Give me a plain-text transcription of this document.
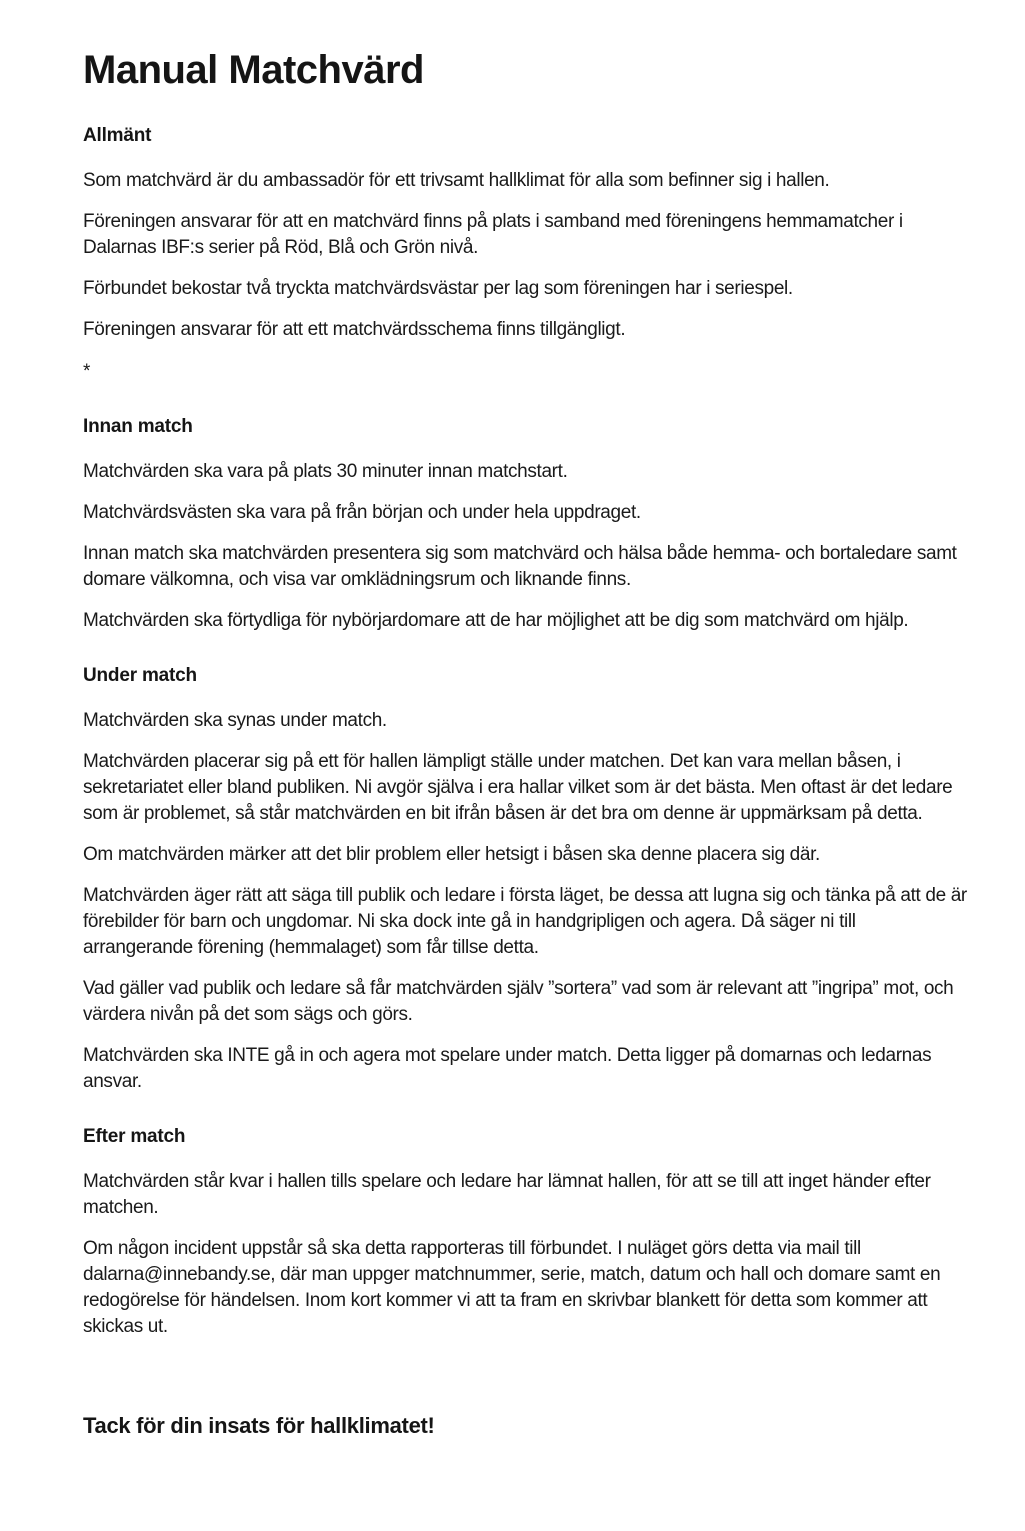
Manual Matchvärd
Allmänt

Som matchvärd är du ambassadör för ett trivsamt hallklimat för alla som befinner sig i hallen.

Föreningen ansvarar för att en matchvärd finns på plats i samband med föreningens hemmamatcher i Dalarnas IBF:s serier på Röd, Blå och Grön nivå.

Förbundet bekostar två tryckta matchvärdsvästar per lag som föreningen har i seriespel.

Föreningen ansvarar för att ett matchvärdsschema finns tillgängligt.

*

Innan match

Matchvärden ska vara på plats 30 minuter innan matchstart.

Matchvärdsvästen ska vara på från början och under hela uppdraget.

Innan match ska matchvärden presentera sig som matchvärd och hälsa både hemma- och bortaledare samt domare välkomna, och visa var omklädningsrum och liknande finns.

Matchvärden ska förtydliga för nybörjardomare att de har möjlighet att be dig som matchvärd om hjälp.

Under match

Matchvärden ska synas under match.

Matchvärden placerar sig på ett för hallen lämpligt ställe under matchen. Det kan vara mellan båsen, i sekretariatet eller bland publiken. Ni avgör själva i era hallar vilket som är det bästa. Men oftast är det ledare som är problemet, så står matchvärden en bit ifrån båsen är det bra om denne är uppmärksam på detta.

Om matchvärden märker att det blir problem eller hetsigt i båsen ska denne placera sig där.

Matchvärden äger rätt att säga till publik och ledare i första läget, be dessa att lugna sig och tänka på att de är förebilder för barn och ungdomar. Ni ska dock inte gå in handgripligen och agera. Då säger ni till arrangerande förening (hemmalaget) som får tillse detta.

Vad gäller vad publik och ledare så får matchvärden själv ”sortera” vad som är relevant att ”ingripa” mot, och värdera nivån på det som sägs och görs.

Matchvärden ska INTE gå in och agera mot spelare under match. Detta ligger på domarnas och ledarnas ansvar.

Efter match

Matchvärden står kvar i hallen tills spelare och ledare har lämnat hallen, för att se till att inget händer efter matchen.

Om någon incident uppstår så ska detta rapporteras till förbundet. I nuläget görs detta via mail till dalarna@innebandy.se, där man uppger matchnummer, serie, match, datum och hall och domare samt en redogörelse för händelsen. Inom kort kommer vi att ta fram en skrivbar blankett för detta som kommer att skickas ut.

Tack för din insats för hallklimatet!
